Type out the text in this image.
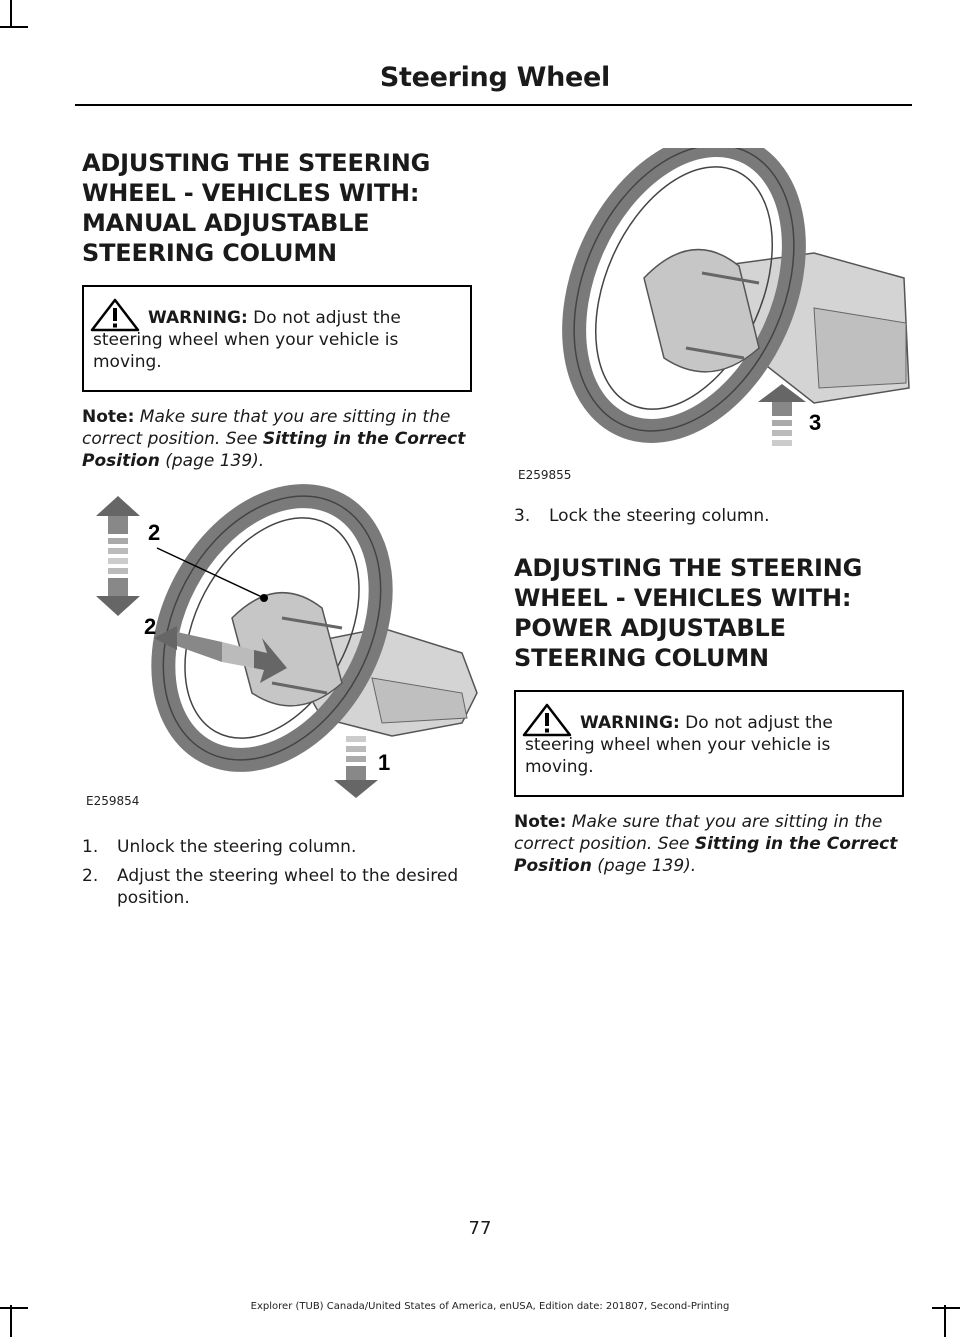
Steering Wheel
ADJUSTING THE STEERING
WHEEL - VEHICLES WITH:
MANUAL ADJUSTABLE
STEERING COLUMN
WARNING: Do not adjust the
steering wheel when your vehicle is
moving.
Note: Make sure that you are sitting in the
correct position. See Sitting in the Correct
Position (page 139).
2
2
1
E259854
1. Unlock the steering column.
2. Adjust the steering wheel to the desired position.
3
E259855
3. Lock the steering column.
ADJUSTING THE STEERING
WHEEL - VEHICLES WITH:
POWER ADJUSTABLE
STEERING COLUMN
WARNING: Do not adjust the
steering wheel when your vehicle is
moving.
Note: Make sure that you are sitting in the
correct position. See Sitting in the Correct
Position (page 139).
77
Explorer (TUB) Canada/United States of America, enUSA, Edition date: 201807, Second-Printing
